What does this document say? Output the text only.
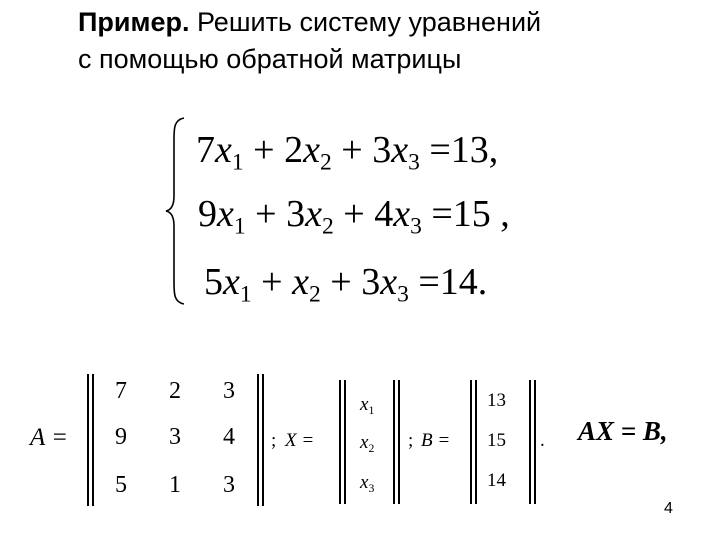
Пример. Решить систему уравнений
с помощью обратной матрицы
$7x_1 + 2x_2 + 3x_3 =13$,
$9x_1 + 3x_2 + 4x_3 =15$ ,
$5x_1 + x_2 + 3x_3 =14$.
A =
7	2	3
9	3	4
5	1	3
; X =
$x_1$
$x_2$
$x_3$
; B =
13
15
14
. AX = B,
4
